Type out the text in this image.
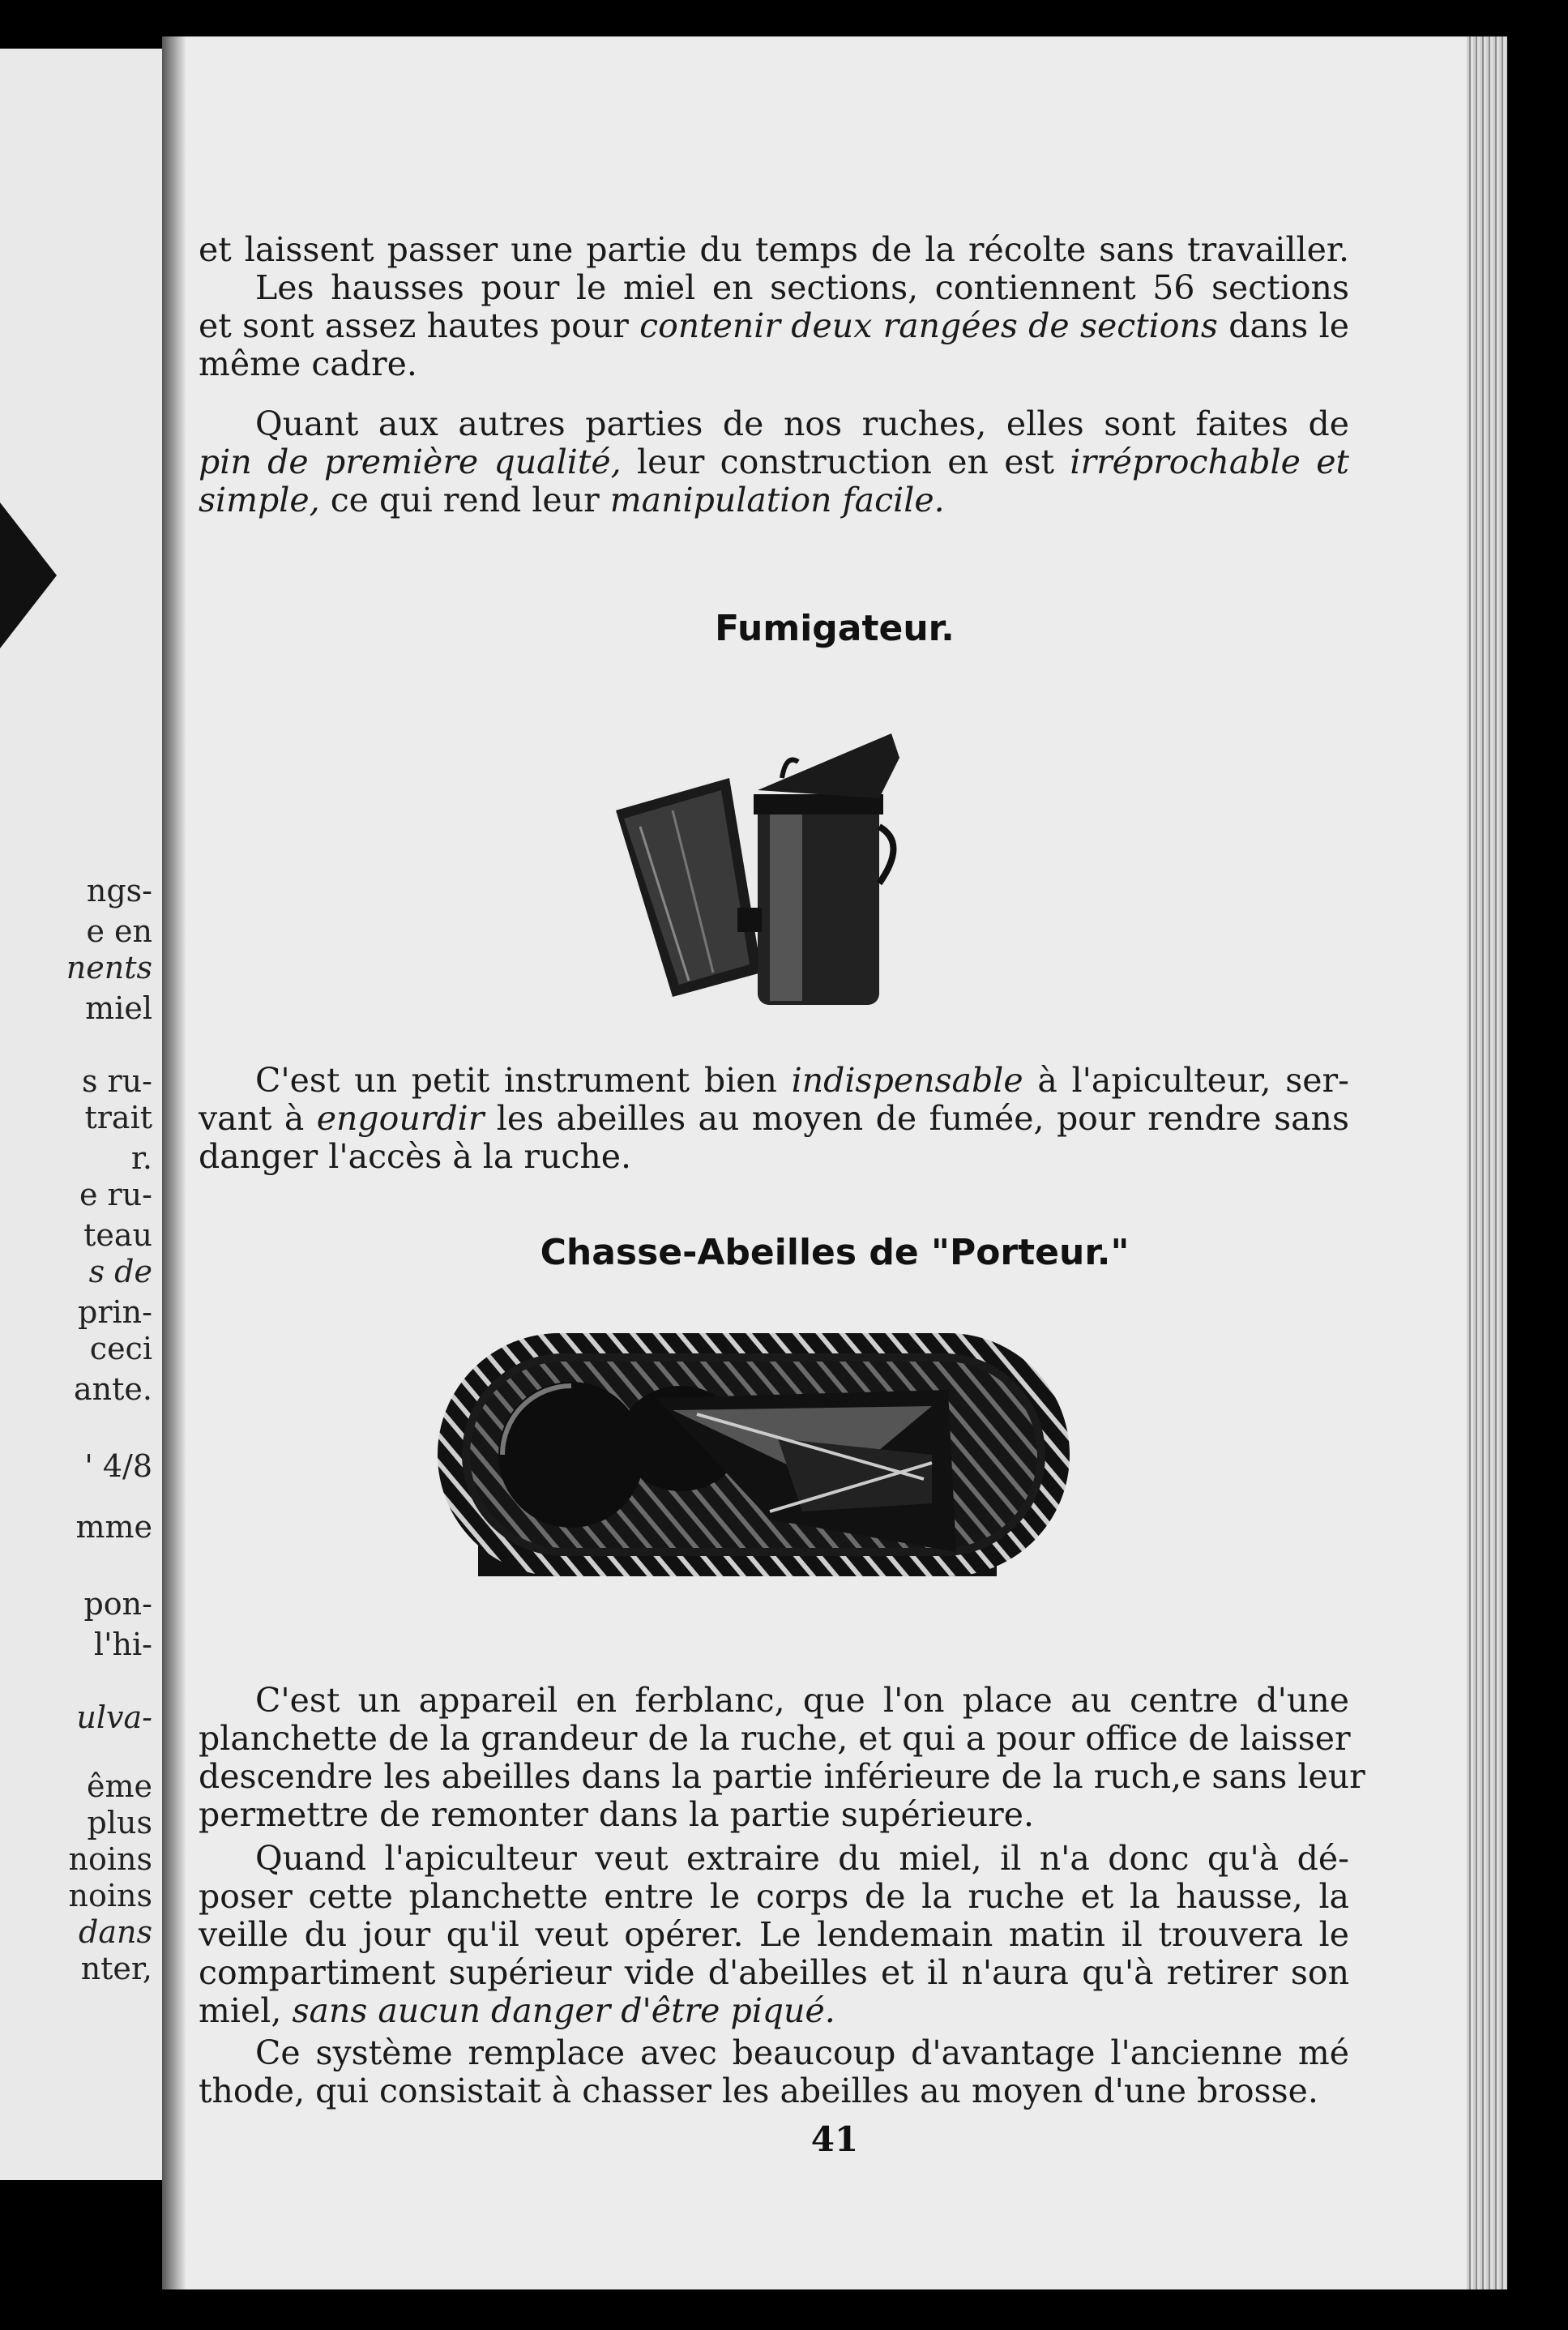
ngs-
e en
nents
miel
s ru-
trait
r.
e ru-
teau
s de
prin-
ceci
ante.
' 4/8
mme
pon-
l'hi-
ulva-
ême
plus
noins
noins
dans
nter,
et laissent passer une partie du temps de la récolte sans travailler.
Les hausses pour le miel en sections, contiennent 56 sections
et sont assez hautes pour contenir deux rangées de sections dans le
même cadre.
Quant aux autres parties de nos ruches, elles sont faites de
pin de première qualité, leur construction en est irréprochable et
simple, ce qui rend leur manipulation facile.
Fumigateur.
C'est un petit instrument bien indispensable à l'apiculteur, ser-
vant à engourdir les abeilles au moyen de fumée, pour rendre sans
danger l'accès à la ruche.
Chasse-Abeilles de "Porteur."
C'est un appareil en ferblanc, que l'on place au centre d'une
planchette de la grandeur de la ruche, et qui a pour office de laisser
descendre les abeilles dans la partie inférieure de la ruch,e sans leur
permettre de remonter dans la partie supérieure.
Quand l'apiculteur veut extraire du miel, il n'a donc qu'à dé-
poser cette planchette entre le corps de la ruche et la hausse, la
veille du jour qu'il veut opérer. Le lendemain matin il trouvera le
compartiment supérieur vide d'abeilles et il n'aura qu'à retirer son
miel, sans aucun danger d'être piqué.
Ce système remplace avec beaucoup d'avantage l'ancienne mé
thode, qui consistait à chasser les abeilles au moyen d'une brosse.
41
